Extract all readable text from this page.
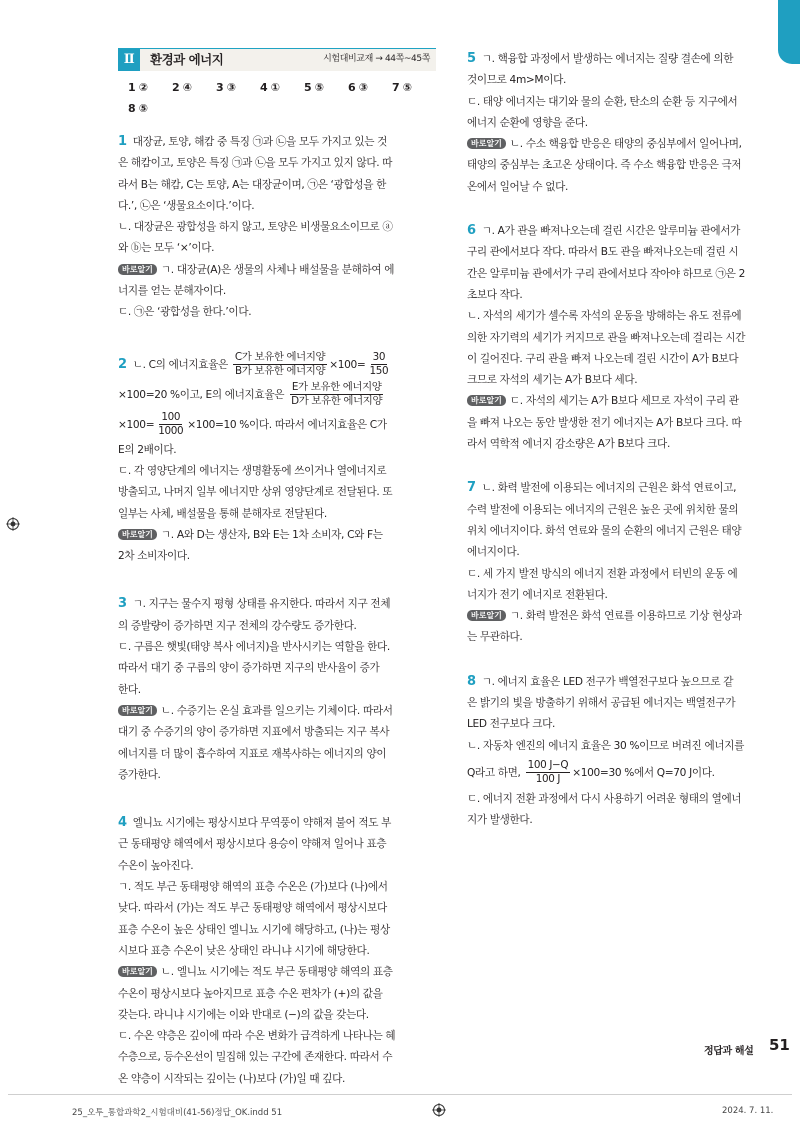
Ⅱ	환경과 에너지	시험대비교재 → 44쪽~45쪽
1 ②	2 ④	3 ③	4 ①	5 ⑤	6 ③	7 ⑤
8 ⑤

1 대장균, 토양, 해캄 중 특징 ㉠과 ㉡을 모두 가지고 있는 것

은 해캄이고, 토양은 특징 ㉠과 ㉡을 모두 가지고 있지 않다. 따

라서 B는 해캄, C는 토양, A는 대장균이며, ㉠은 ‘광합성을 한

다.’, ㉡은 ‘생물요소이다.’이다.

ㄴ. 대장균은 광합성을 하지 않고, 토양은 비생물요소이므로 ⓐ

와 ⓑ는 모두 ‘×’이다.

바로알기 ㄱ. 대장균(A)은 생물의 사체나 배설물을 분해하여 에

너지를 얻는 분해자이다.

ㄷ. ㉠은 ‘광합성을 한다.’이다.

2 ㄴ. C의 에너지효율은 $\frac{\text{C가 보유한 에너지양}}{\text{B가 보유한 에너지양}} \times 100= \frac{30}{150}$

×100=20 %이고, E의 에너지효율은 $\frac{\text{E가 보유한 에너지양}}{\text{D가 보유한 에너지양}}$

$\times 100= \frac{100}{1000} \times 100=10$ %이다. 따라서 에너지효율은 C가

E의 2배이다.

ㄷ. 각 영양단계의 에너지는 생명활동에 쓰이거나 열에너지로

방출되고, 나머지 일부 에너지만 상위 영양단계로 전달된다. 또

일부는 사체, 배설물을 통해 분해자로 전달된다.

바로알기 ㄱ. A와 D는 생산자, B와 E는 1차 소비자, C와 F는

2차 소비자이다.

3 ㄱ. 지구는 물수지 평형 상태를 유지한다. 따라서 지구 전체

의 증발량이 증가하면 지구 전체의 강수량도 증가한다.

ㄷ. 구름은 햇빛(태양 복사 에너지)을 반사시키는 역할을 한다.

따라서 대기 중 구름의 양이 증가하면 지구의 반사율이 증가

한다.

바로알기 ㄴ. 수증기는 온실 효과를 일으키는 기체이다. 따라서

대기 중 수증기의 양이 증가하면 지표에서 방출되는 지구 복사

에너지를 더 많이 흡수하여 지표로 재복사하는 에너지의 양이

증가한다.

4 엘니뇨 시기에는 평상시보다 무역풍이 약해져 불어 적도 부

근 동태평양 해역에서 평상시보다 용승이 약해져 일어나 표층

수온이 높아진다.

ㄱ. 적도 부근 동태평양 해역의 표층 수온은 (가)보다 (나)에서

낮다. 따라서 (가)는 적도 부근 동태평양 해역에서 평상시보다

표층 수온이 높은 상태인 엘니뇨 시기에 해당하고, (나)는 평상

시보다 표층 수온이 낮은 상태인 라니냐 시기에 해당한다.

바로알기 ㄴ. 엘니뇨 시기에는 적도 부근 동태평양 해역의 표층

수온이 평상시보다 높아지므로 표층 수온 편차가 (+)의 값을

갖는다. 라니냐 시기에는 이와 반대로 (−)의 값을 갖는다.

ㄷ. 수온 약층은 깊이에 따라 수온 변화가 급격하게 나타나는 혜

수층으로, 등수온선이 밀집해 있는 구간에 존재한다. 따라서 수

온 약층이 시작되는 깊이는 (나)보다 (가)일 때 깊다.

5 ㄱ. 핵융합 과정에서 발생하는 에너지는 질량 결손에 의한

것이므로 4m>M이다.

ㄷ. 태양 에너지는 대기와 물의 순환, 탄소의 순환 등 지구에서

에너지 순환에 영향을 준다.

바로알기 ㄴ. 수소 핵융합 반응은 태양의 중심부에서 일어나며,

태양의 중심부는 초고온 상태이다. 즉 수소 핵융합 반응은 극저

온에서 일어날 수 없다.

6 ㄱ. A가 관을 빠져나오는데 걸린 시간은 알루미늄 관에서가

구리 관에서보다 작다. 따라서 B도 관을 빠져나오는데 걸린 시

간은 알루미늄 관에서가 구리 관에서보다 작아야 하므로 ㉠은 2

초보다 작다.

ㄴ. 자석의 세기가 셀수록 자석의 운동을 방해하는 유도 전류에

의한 자기력의 세기가 커지므로 관을 빠져나오는데 걸리는 시간

이 길어진다. 구리 관을 빠져 나오는데 걸린 시간이 A가 B보다

크므로 자석의 세기는 A가 B보다 세다.

바로알기 ㄷ. 자석의 세기는 A가 B보다 세므로 자석이 구리 관

을 빠져 나오는 동안 발생한 전기 에너지는 A가 B보다 크다. 따

라서 역학적 에너지 감소량은 A가 B보다 크다.

7 ㄴ. 화력 발전에 이용되는 에너지의 근원은 화석 연료이고,

수력 발전에 이용되는 에너지의 근원은 높은 곳에 위치한 물의

위치 에너지이다. 화석 연료와 물의 순환의 에너지 근원은 태양

에너지이다.

ㄷ. 세 가지 발전 방식의 에너지 전환 과정에서 터빈의 운동 에

너지가 전기 에너지로 전환된다.

바로알기 ㄱ. 화력 발전은 화석 연료를 이용하므로 기상 현상과

는 무관하다.

8 ㄱ. 에너지 효율은 LED 전구가 백열전구보다 높으므로 같

은 밝기의 빛을 방출하기 위해서 공급된 에너지는 백열전구가

LED 전구보다 크다.

ㄴ. 자동차 엔진의 에너지 효율은 30 %이므로 버려진 에너지를

Q라고 하면, $\frac{100 J-Q}{100 J} \times 100=30$ %에서 Q=70 J이다.

ㄷ. 에너지 전환 과정에서 다시 사용하기 어려운 형태의 열에너

지가 발생한다.

정답과 해설 51
25_오투_통합과학2_시험대비(41-56)정답_OK.indd 51	2024. 7. 11.
